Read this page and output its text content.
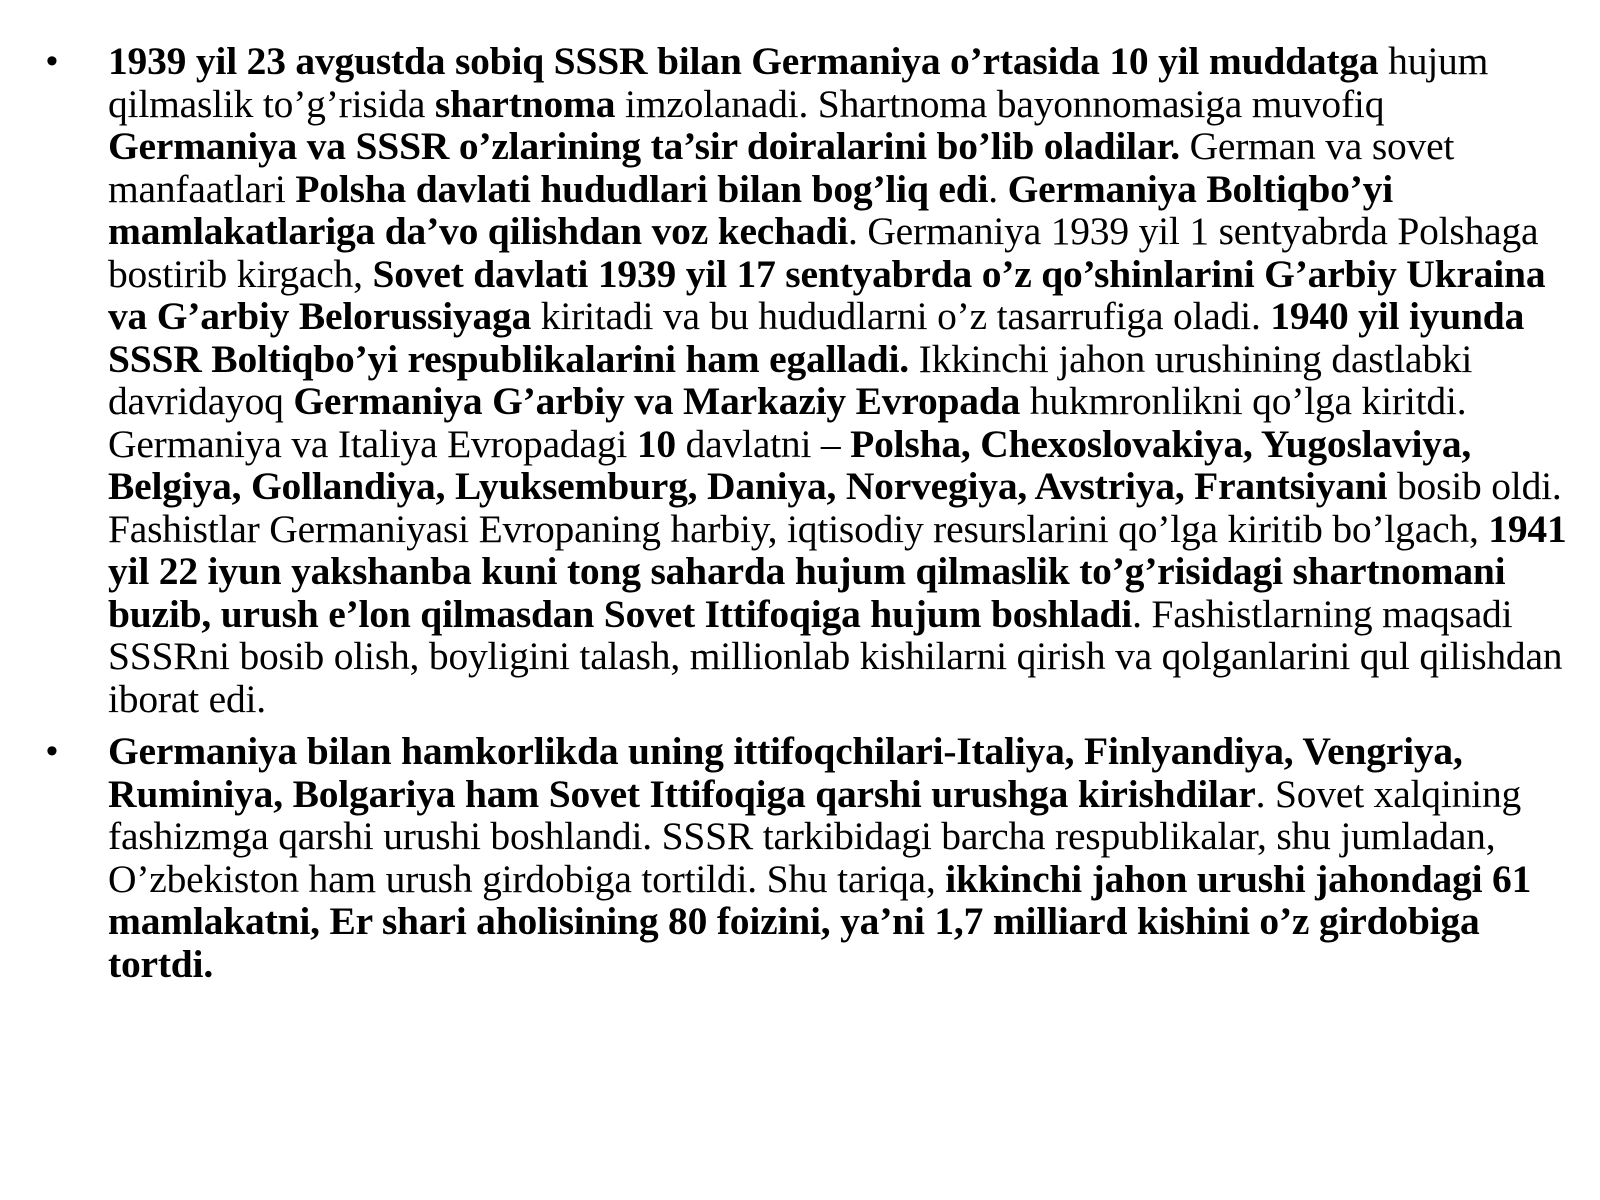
• 1939 yil 23 avgustda sobiq SSSR bilan Germaniya o’rtasida 10 yil muddatga hujum qilmaslik to’g’risida shartnoma imzolanadi. Shartnoma bayonnomasiga muvofiq Germaniya va SSSR o’zlarining ta’sir doiralarini bo’lib oladilar. German va sovet manfaatlari Polsha davlati hududlari bilan bog’liq edi. Germaniya Boltiqbo’yi mamlakatlariga da’vo qilishdan voz kechadi. Germaniya 1939 yil 1 sentyabrda Polshaga bostirib kirgach, Sovet davlati 1939 yil 17 sentyabrda o’z qo’shinlarini G’arbiy Ukraina va G’arbiy Belorussiyaga kiritadi va bu hududlarni o’z tasarrufiga oladi. 1940 yil iyunda SSSR Boltiqbo’yi respublikalarini ham egalladi. Ikkinchi jahon urushining dastlabki davridayoq Germaniya G’arbiy va Markaziy Evropada hukmronlikni qo’lga kiritdi. Germaniya va Italiya Evropadagi 10 davlatni – Polsha, Chexoslovakiya, Yugoslaviya, Belgiya, Gollandiya, Lyuksemburg, Daniya, Norvegiya, Avstriya, Frantsiyani bosib oldi. Fashistlar Germaniyasi Evropaning harbiy, iqtisodiy resurslarini qo’lga kiritib bo’lgach, 1941 yil 22 iyun yakshanba kuni tong saharda hujum qilmaslik to’g’risidagi shartnomani buzib, urush e’lon qilmasdan Sovet Ittifoqiga hujum boshladi. Fashistlarning maqsadi SSSRni bosib olish, boyligini talash, millionlab kishilarni qirish va qolganlarini qul qilishdan iborat edi.
• Germaniya bilan hamkorlikda uning ittifoqchilari-Italiya, Finlyandiya, Vengriya, Ruminiya, Bolgariya ham Sovet Ittifoqiga qarshi urushga kirishdilar. Sovet xalqining fashizmga qarshi urushi boshlandi. SSSR tarkibidagi barcha respublikalar, shu jumladan, O’zbekiston ham urush girdobiga tortildi. Shu tariqa, ikkinchi jahon urushi jahondagi 61 mamlakatni, Er shari aholisining 80 foizini, ya’ni 1,7 milliard kishini o’z girdobiga tortdi.
